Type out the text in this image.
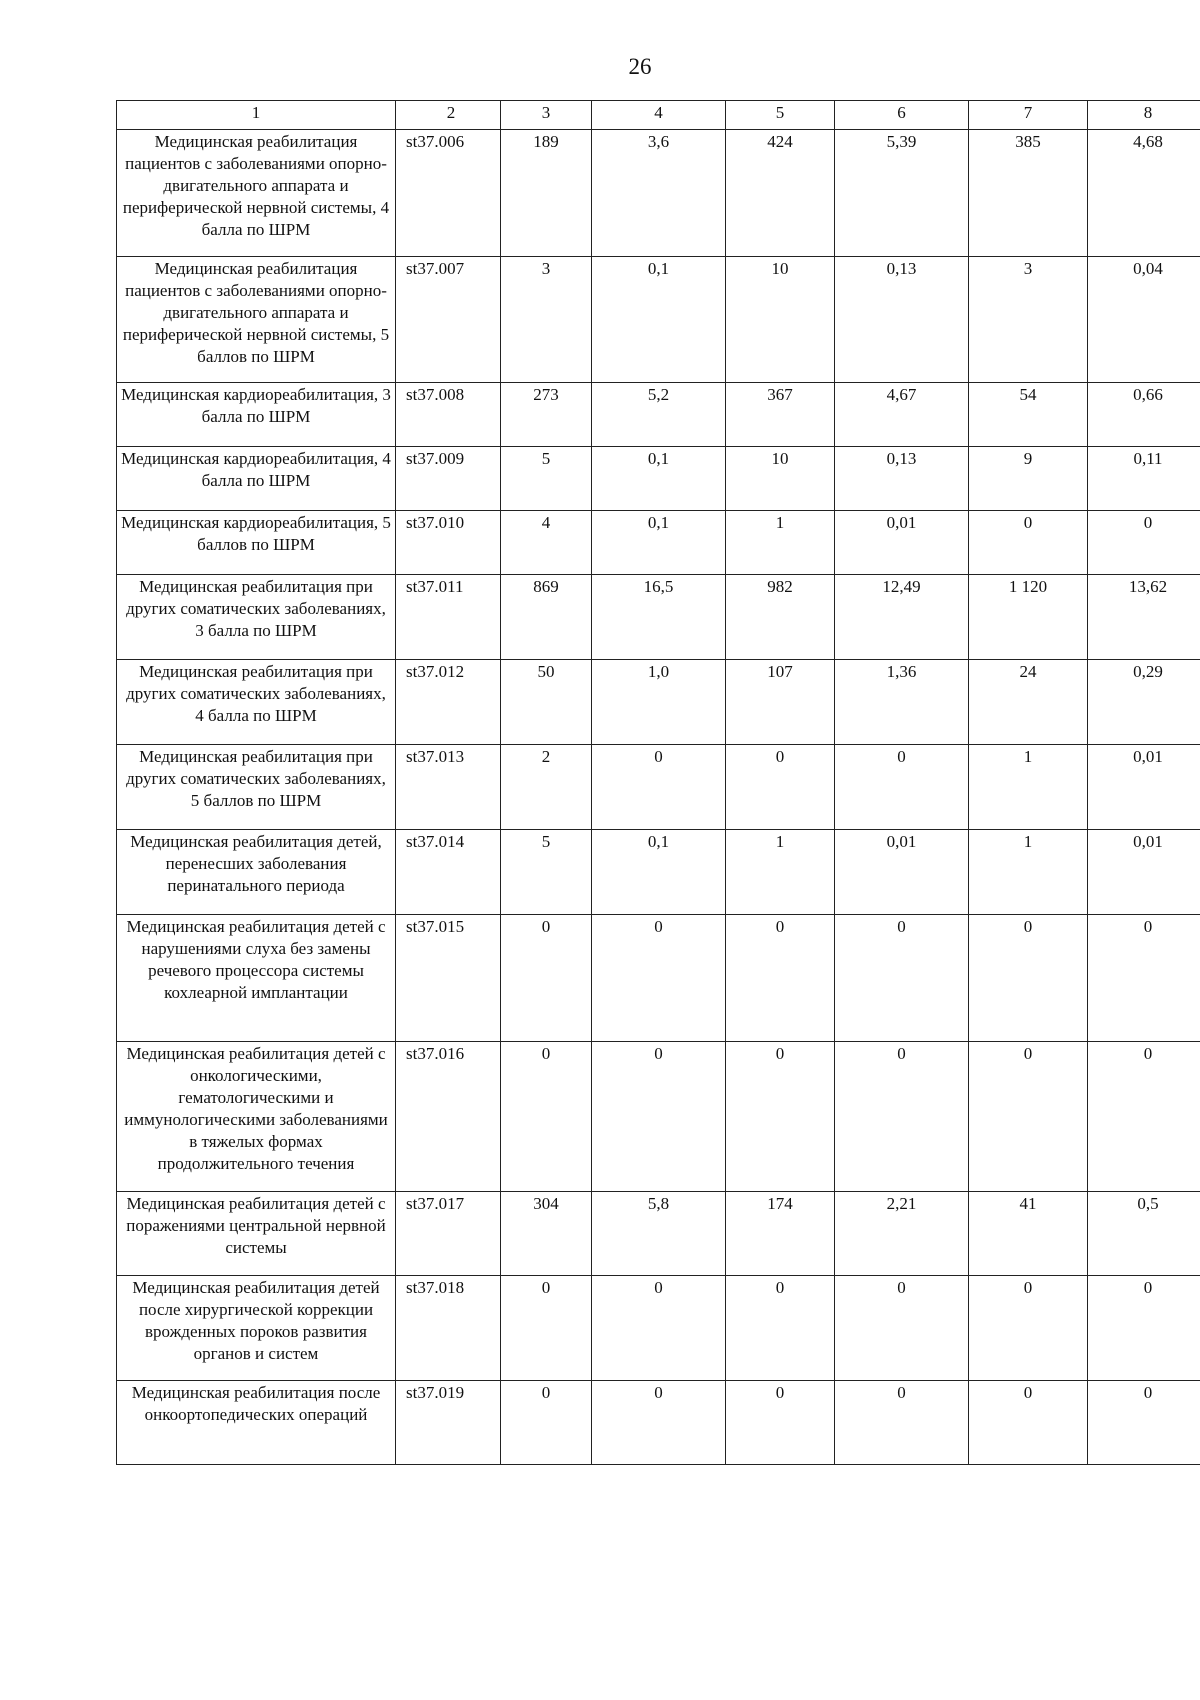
26
1	2	3	4	5	6	7	8
Медицинская реабилитация пациентов с заболеваниями опорно-двигательного аппарата и периферической нервной системы, 4 балла по ШРМ	st37.006	189	3,6	424	5,39	385	4,68
Медицинская реабилитация пациентов с заболеваниями опорно-двигательного аппарата и периферической нервной системы, 5 баллов по ШРМ	st37.007	3	0,1	10	0,13	3	0,04
Медицинская кардиореабилитация, 3 балла по ШРМ	st37.008	273	5,2	367	4,67	54	0,66
Медицинская кардиореабилитация, 4 балла по ШРМ	st37.009	5	0,1	10	0,13	9	0,11
Медицинская кардиореабилитация, 5 баллов по ШРМ	st37.010	4	0,1	1	0,01	0	0
Медицинская реабилитация при других соматических заболеваниях, 3 балла по ШРМ	st37.011	869	16,5	982	12,49	1 120	13,62
Медицинская реабилитация при других соматических заболеваниях, 4 балла по ШРМ	st37.012	50	1,0	107	1,36	24	0,29
Медицинская реабилитация при других соматических заболеваниях, 5 баллов по ШРМ	st37.013	2	0	0	0	1	0,01
Медицинская реабилитация детей, перенесших заболевания перинатального периода	st37.014	5	0,1	1	0,01	1	0,01
Медицинская реабилитация детей с нарушениями слуха без замены речевого процессора системы кохлеарной имплантации	st37.015	0	0	0	0	0	0
Медицинская реабилитация детей с онкологическими, гематологическими и иммунологическими заболеваниями в тяжелых формах продолжительного течения	st37.016	0	0	0	0	0	0
Медицинская реабилитация детей с поражениями центральной нервной системы	st37.017	304	5,8	174	2,21	41	0,5
Медицинская реабилитация детей после хирургической коррекции врожденных пороков развития органов и систем	st37.018	0	0	0	0	0	0
Медицинская реабилитация после онкоортопедических операций	st37.019	0	0	0	0	0	0
